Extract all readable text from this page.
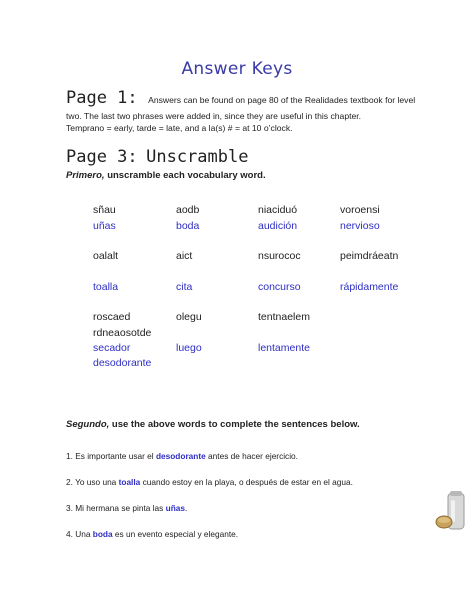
Answer Keys
Page 1: Answers can be found on page 80 of the Realidades textbook for level
two. The last two phrases were added in, since they are useful in this chapter.
Temprano = early, tarde = late, and a la(s) # = at 10 o’clock.
Page 3: Unscramble
Primero, unscramble each vocabulary word.
sñau	aodb	niaciduó	voroensi
uñas	boda	audición	nervioso
oalalt	aict	nsurococ	peimdráeatn
toalla	cita	concurso	rápidamente
roscaed	olegu	tentnaelem
rdneaosotde
secador	luego	lentamente
desodorante
Segundo, use the above words to complete the sentences below.
1. Es importante usar el desodorante antes de hacer ejercicio.
2. Yo uso una toalla cuando estoy en la playa, o después de estar en el agua.
3. Mi hermana se pinta las uñas.
4. Una boda es un evento especial y elegante.
